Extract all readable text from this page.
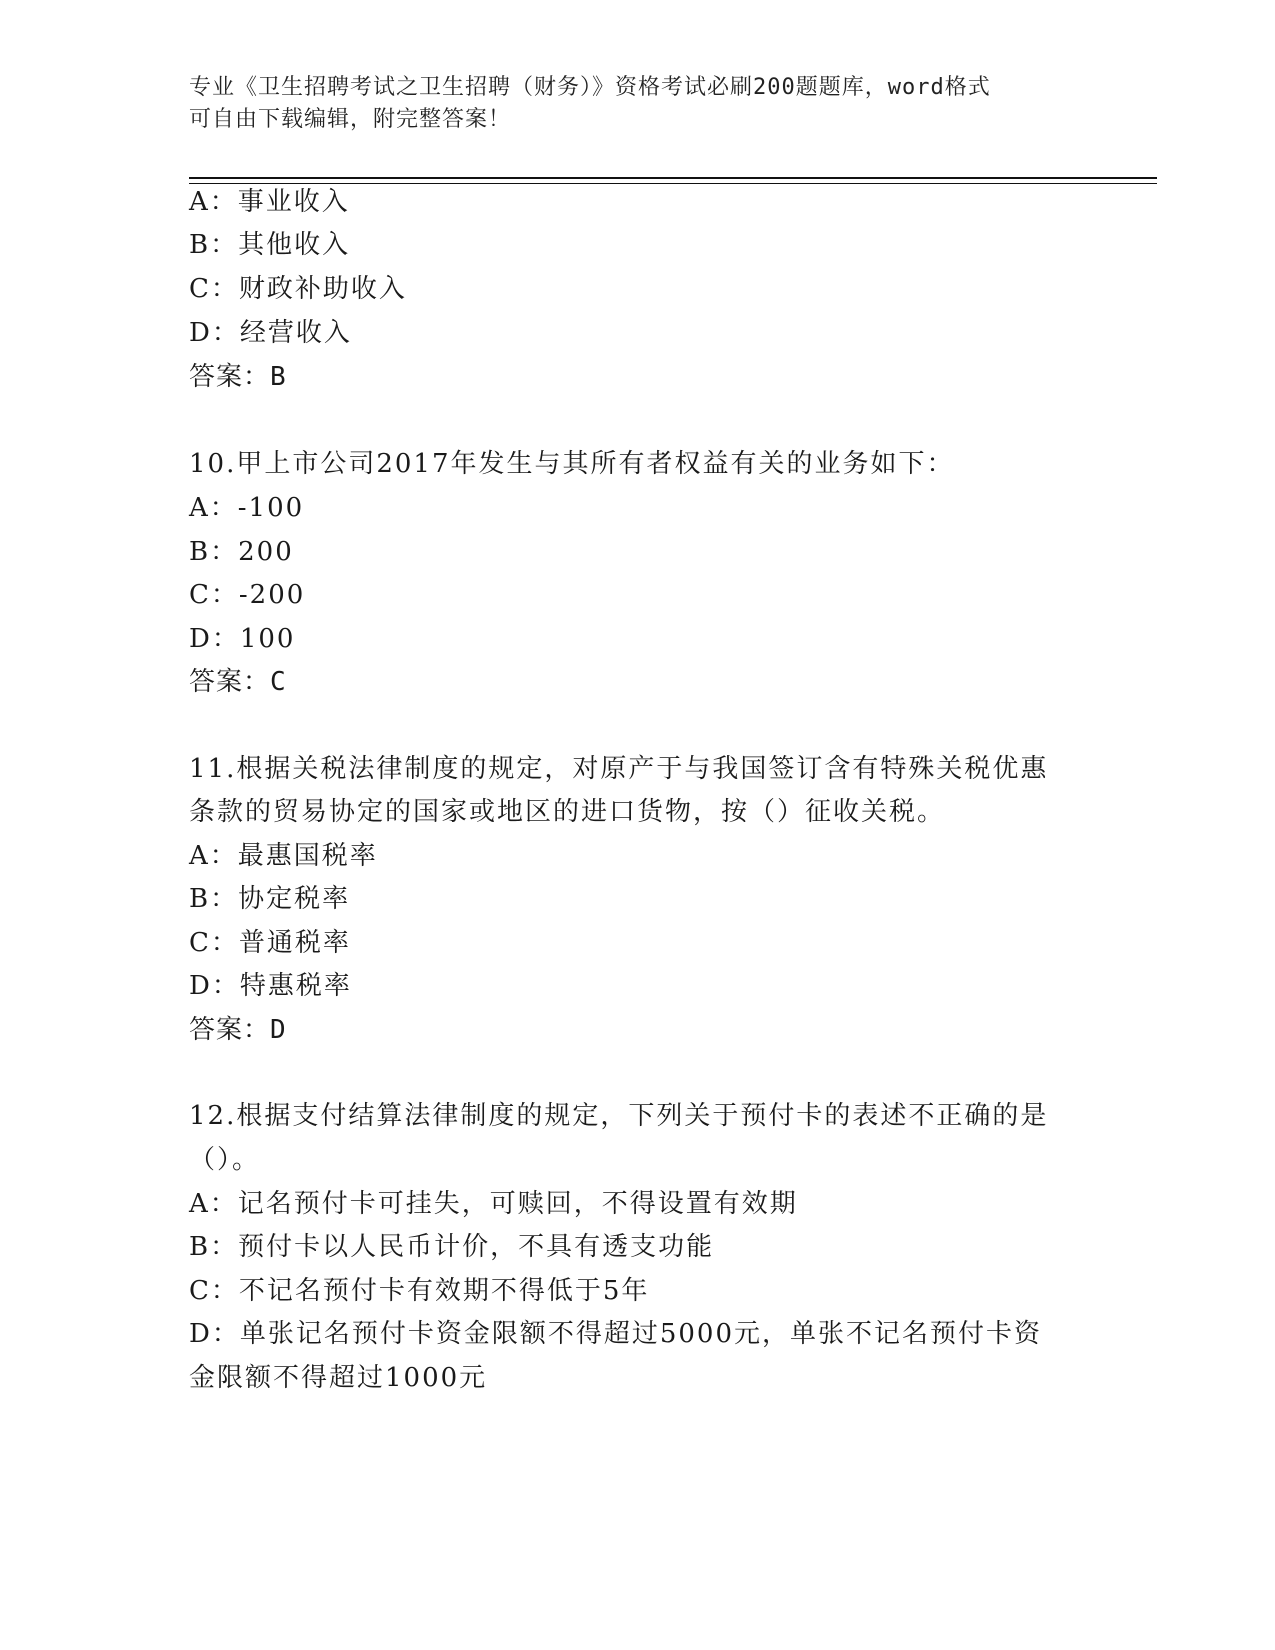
专业《卫生招聘考试之卫生招聘（财务）》资格考试必刷200题题库，word格式
可自由下载编辑，附完整答案！
A：事业收入
B：其他收入
C：财政补助收入
D：经营收入
答案：B
10.甲上市公司2017年发生与其所有者权益有关的业务如下：
A：-100
B：200
C：-200
D：100
答案：C
11.根据关税法律制度的规定，对原产于与我国签订含有特殊关税优惠
条款的贸易协定的国家或地区的进口货物，按（）征收关税。
A：最惠国税率
B：协定税率
C：普通税率
D：特惠税率
答案：D
12.根据支付结算法律制度的规定，下列关于预付卡的表述不正确的是
（）。
A：记名预付卡可挂失，可赎回，不得设置有效期
B：预付卡以人民币计价，不具有透支功能
C：不记名预付卡有效期不得低于5年
D：单张记名预付卡资金限额不得超过5000元，单张不记名预付卡资
金限额不得超过1000元
